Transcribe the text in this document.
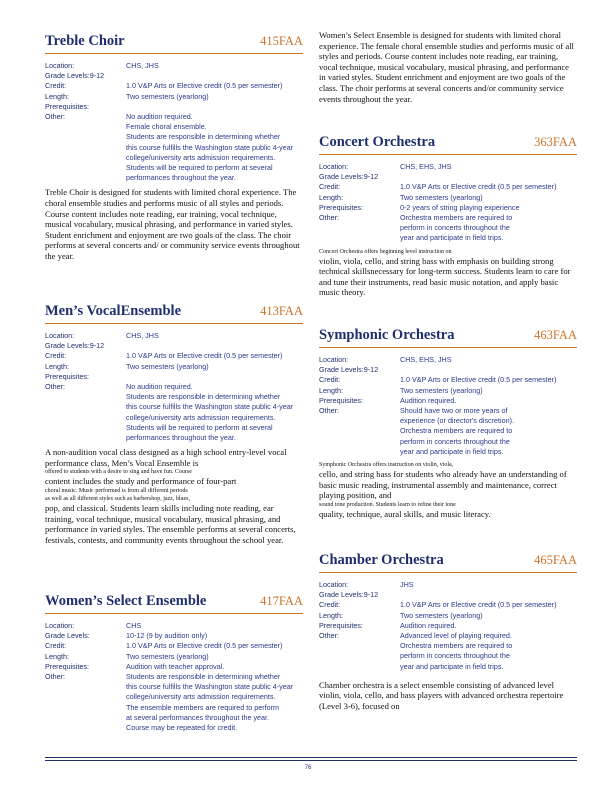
Treble Choir	415FAA
Location:	CHS, JHS
Grade Levels:9-12
Credit:	1.0 V&P Arts or Elective credit (0.5 per semester)
Length:	Two semesters (yearlong)
Prerequisites:
Other:	No audition required.
Female choral ensemble.
Students are responsible in determining whether
this course fulfills the Washington state public 4-year
college/university arts admission requirements.
Students will be required to perform at several
performances throughout the year.
Treble Choir is designed for students with limited choral experience. The choral ensemble studies and performs music of all styles and periods. Course content includes note reading, ear training, vocal technique, musical vocabulary, musical phrasing, and performance in varied styles. Student enrichment and enjoyment are two goals of the class. The choir performs at several concerts and/ or community service events throughout the year.
Men’s VocalEnsemble	413FAA
Location:	CHS, JHS
Grade Levels:9-12
Credit:	1.0 V&P Arts or Elective credit (0.5 per semester)
Length:	Two semesters (yearlong)
Prerequisites:
Other:	No audition required.
Students are responsible in determining whether
this course fulfills the Washington state public 4-year
college/university arts admission requirements.
Students will be required to perform at several
performances throughout the year.
A non-audition vocal class designed as a high school entry-level vocal performance class, Men’s Vocal Ensemble is
offered to students with a desire to sing and have fun. Course
content includes the study and performance of four-part
choral music. Music performed is from all different periods
as well as all different styles such as barbershop, jazz, blues,
pop, and classical. Students learn skills including note reading, ear training, vocal technique, musical vocabulary, musical phrasing, and performance in varied styles. The ensemble performs at several concerts, festivals, contests, and community events throughout the school year.
Women’s Select Ensemble	417FAA
Location:	CHS
Grade Levels:	10-12 (9 by audition only)
Credit:	1.0 V&P Arts or Elective credit (0.5 per semester)
Length:	Two semesters (yearlong)
Prerequisites:	Audition with teacher approval.
Other:	Students are responsible in determining whether
this course fulfills the Washington state public 4-year
college/university arts admission requirements.
The ensemble members are required to perform
at several performances throughout the year.
Course may be repeated for credit.
Women’s Select Ensemble is designed for students with limited choral experience. The female choral ensemble studies and performs music of all styles and periods. Course content includes note reading, ear training, vocal technique, musical vocabulary, musical phrasing, and performance in varied styles. Student enrichment and enjoyment are two goals of the class. The choir performs at several concerts and/or community service events throughout the year.
Concert Orchestra	363FAA
Location:	CHS, EHS, JHS
Grade Levels:9-12
Credit:	1.0 V&P Arts or Elective credit (0.5 per semester)
Length:	Two semesters (yearlong)
Prerequisites:	0-2 years of string playing experience
Other:	Orchestra members are required to
perform in concerts throughout the
year and participate in field trips.
Concert Orchestra offers beginning level instruction on
violin, viola, cello, and string bass with emphasis on building strong technical skillsnecessary for long-term success. Students learn to care for and tune their instruments, read basic music notation, and apply basic music theory.
Symphonic Orchestra	463FAA
Location:	CHS, EHS, JHS
Grade Levels:9-12
Credit:	1.0 V&P Arts or Elective credit (0.5 per semester)
Length:	Two semesters (yearlong)
Prerequisites:	Audition required.
Other:	Should have two or more years of
experience (or director's discretion).
Orchestra members are required to
perform in concerts throughout the
year and participate in field trips.
Symphonic Orchestra offers instruction on violin, viola,
cello, and string bass for students who already have an understanding of basic music reading, instrumental assembly and maintenance, correct playing position, and
sound tone production. Students learn to refine their tone
quality, technique, aural skills, and music literacy.
Chamber Orchestra	465FAA
Location:	JHS
Grade Levels:9-12
Credit:	1.0 V&P Arts or Elective credit (0.5 per semester)
Length:	Two semesters (yearlong)
Prerequisites:	Audition required.
Other:	Advanced level of playing required.
Orchestra members are required to
perform in concerts throughout the
year and participate in field trips.
Chamber orchestra is a select ensemble consisting of advanced level violin, viola, cello, and bass players with advanced orchestra repertoire (Level 3-6), focused on
76
